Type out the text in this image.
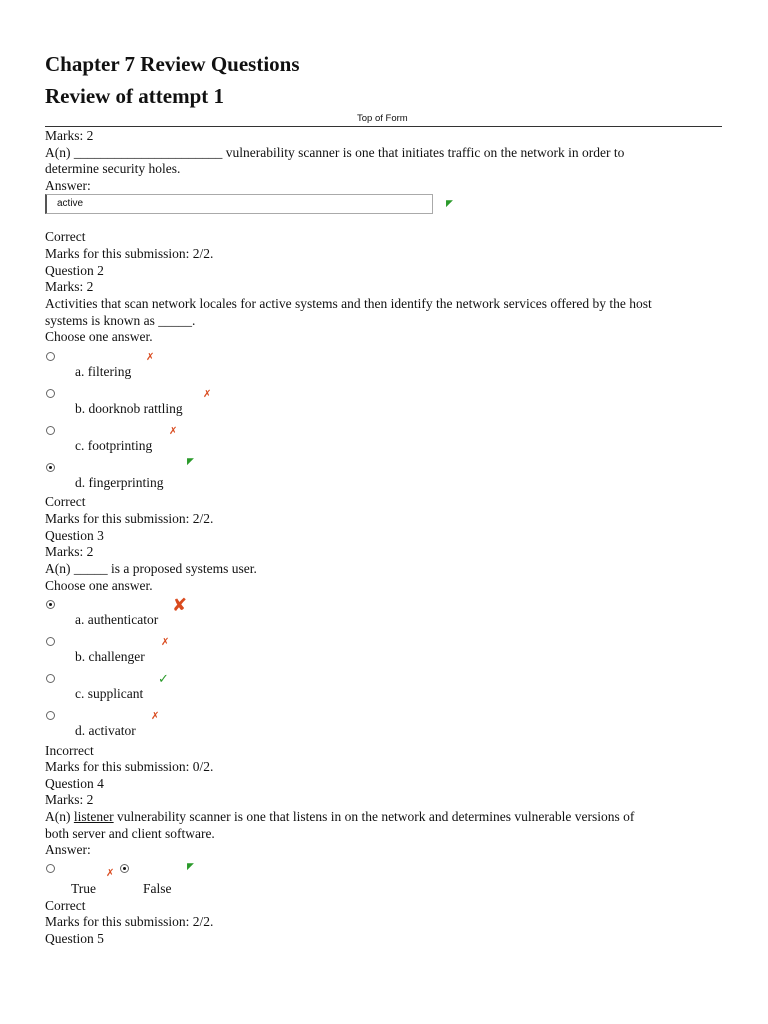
Chapter 7 Review Questions
Review of attempt 1
Top of Form
Marks: 2
A(n) ______________________ vulnerability scanner is one that initiates traffic on the network in order to
determine security holes.
Answer:
active	◤
Correct
Marks for this submission: 2/2.
Question 2
Marks: 2
Activities that scan network locales for active systems and then identify the network services offered by the host
systems is known as _____.
Choose one answer.
✗
a. filtering
✗
b. doorknob rattling
✗
c. footprinting
◤
d. fingerprinting
Correct
Marks for this submission: 2/2.
Question 3
Marks: 2
A(n) _____ is a proposed systems user.
Choose one answer.
✘
a. authenticator
✗
b. challenger
✓
c. supplicant
✗
d. activator
Incorrect
Marks for this submission: 0/2.
Question 4
Marks: 2
A(n) listener vulnerability scanner is one that listens in on the network and determines vulnerable versions of
both server and client software.
Answer:
✗
◤
True	False
Correct
Marks for this submission: 2/2.
Question 5
